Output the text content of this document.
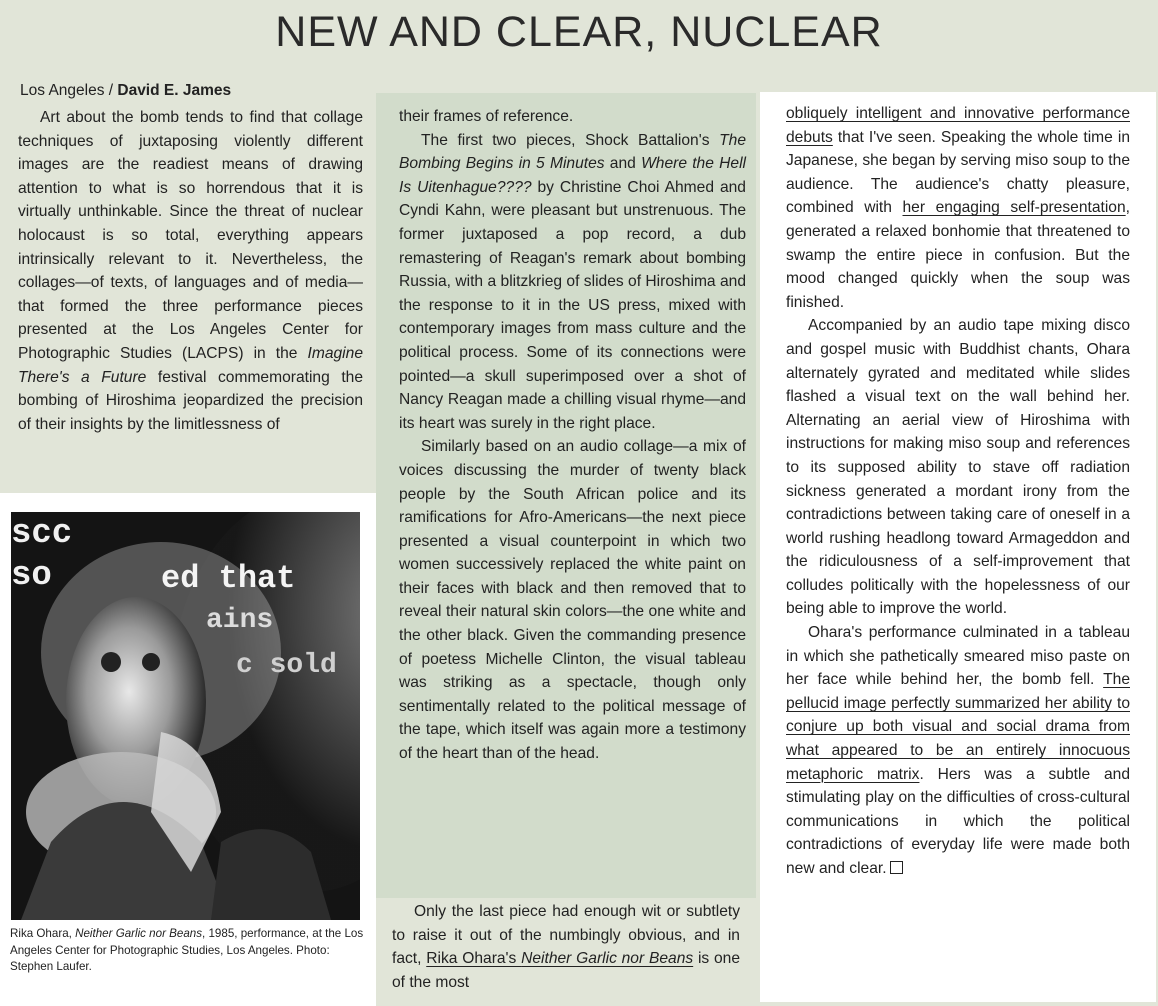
NEW AND CLEAR, NUCLEAR
Los Angeles / David E. James

Art about the bomb tends to find that collage techniques of juxtaposing violently different images are the readiest means of drawing attention to what is so horrendous that it is virtually unthinkable. Since the threat of nuclear holocaust is so total, everything appears intrinsically relevant to it. Nevertheless, the collages—of texts, of languages and of media—that formed the three performance pieces presented at the Los Angeles Center for Photographic Studies (LACPS) in the Imagine There's a Future festival commemorating the bombing of Hiroshima jeopardized the precision of their insights by the limitlessness of

their frames of reference.

The first two pieces, Shock Battalion's The Bombing Begins in 5 Minutes and Where the Hell Is Uitenhague???? by Christine Choi Ahmed and Cyndi Kahn, were pleasant but unstrenuous. The former juxtaposed a pop record, a dub remastering of Reagan's remark about bombing Russia, with a blitzkrieg of slides of Hiroshima and the response to it in the US press, mixed with contemporary images from mass culture and the political process. Some of its connections were pointed—a skull superimposed over a shot of Nancy Reagan made a chilling visual rhyme—and its heart was surely in the right place.

Similarly based on an audio collage—a mix of voices discussing the murder of twenty black people by the South African police and its ramifications for Afro-Americans—the next piece presented a visual counterpoint in which two women successively replaced the white paint on their faces with black and then removed that to reveal their natural skin colors—the one white and the other black. Given the commanding presence of poetess Michelle Clinton, the visual tableau was striking as a spectacle, though only sentimentally related to the political message of the tape, which itself was again more a testimony of the heart than of the head.

Only the last piece had enough wit or subtlety to raise it out of the numbingly obvious, and in fact, Rika Ohara's Neither Garlic nor Beans is one of the most

obliquely intelligent and innovative performance debuts that I've seen. Speaking the whole time in Japanese, she began by serving miso soup to the audience. The audience's chatty pleasure, combined with her engaging self-presentation, generated a relaxed bonhomie that threatened to swamp the entire piece in confusion. But the mood changed quickly when the soup was finished.

Accompanied by an audio tape mixing disco and gospel music with Buddhist chants, Ohara alternately gyrated and meditated while slides flashed a visual text on the wall behind her. Alternating an aerial view of Hiroshima with instructions for making miso soup and references to its supposed ability to stave off radiation sickness generated a mordant irony from the contradictions between taking care of oneself in a world rushing headlong toward Armageddon and the ridiculousness of a self-improvement that colludes politically with the hopelessness of our being able to improve the world.

Ohara's performance culminated in a tableau in which she pathetically smeared miso paste on her face while behind her, the bomb fell. The pellucid image perfectly summarized her ability to conjure up both visual and social drama from what appeared to be an entirely innocuous metaphoric matrix. Hers was a subtle and stimulating play on the difficulties of cross-cultural communications in which the political contradictions of everyday life were made both new and clear.

scc
so	ed that
ains
c sold
Rika Ohara, Neither Garlic nor Beans, 1985, performance, at the Los Angeles Center for Photographic Studies, Los Angeles. Photo: Stephen Laufer.
